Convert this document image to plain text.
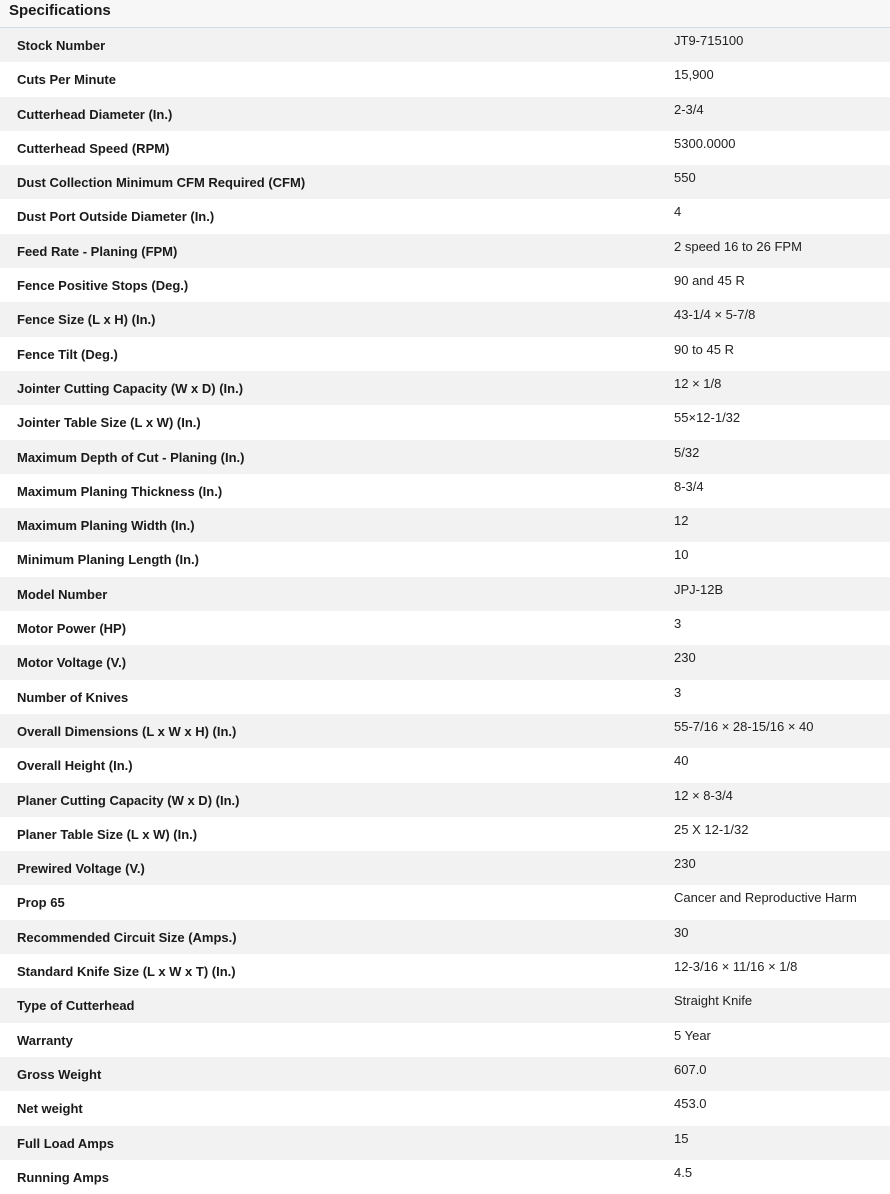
Specifications
Stock Number	JT9-715100
Cuts Per Minute	15,900
Cutterhead Diameter (In.)	2-3/4
Cutterhead Speed (RPM)	5300.0000
Dust Collection Minimum CFM Required (CFM)	550
Dust Port Outside Diameter (In.)	4
Feed Rate - Planing (FPM)	2 speed 16 to 26 FPM
Fence Positive Stops (Deg.)	90 and 45 R
Fence Size (L x H) (In.)	43-1/4 × 5-7/8
Fence Tilt (Deg.)	90 to 45 R
Jointer Cutting Capacity (W x D) (In.)	12 × 1/8
Jointer Table Size (L x W) (In.)	55×12-1/32
Maximum Depth of Cut - Planing (In.)	5/32
Maximum Planing Thickness (In.)	8-3/4
Maximum Planing Width (In.)	12
Minimum Planing Length (In.)	10
Model Number	JPJ-12B
Motor Power (HP)	3
Motor Voltage (V.)	230
Number of Knives	3
Overall Dimensions (L x W x H) (In.)	55-7/16 × 28-15/16 × 40
Overall Height (In.)	40
Planer Cutting Capacity (W x D) (In.)	12 × 8-3/4
Planer Table Size (L x W) (In.)	25 X 12-1/32
Prewired Voltage (V.)	230
Prop 65	Cancer and Reproductive Harm
Recommended Circuit Size (Amps.)	30
Standard Knife Size (L x W x T) (In.)	12-3/16 × 11/16 × 1/8
Type of Cutterhead	Straight Knife
Warranty	5 Year
Gross Weight	607.0
Net weight	453.0
Full Load Amps	15
Running Amps	4.5
